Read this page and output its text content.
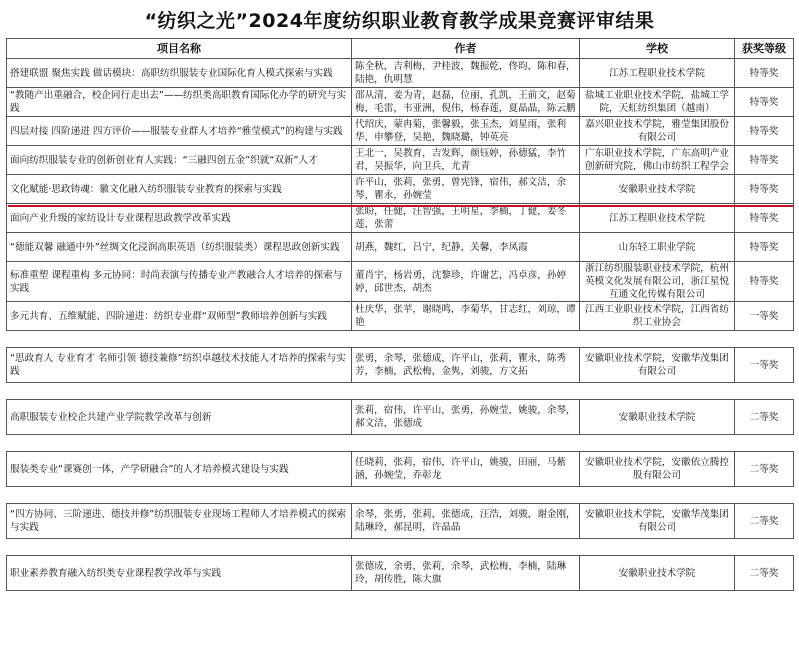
“纺织之光”2024年度纺织职业教育教学成果竞赛评审结果
项目名称	作者	学校	获奖等级
搭建联盟 聚焦实践 做话模块：高职纺织服装专业国际化育人模式探索与实践	陈全秋，吉利梅，尹桂波，魏振乾，佟昀，陈和春，陆艳，仇明慧	江苏工程职业技术学院	特等奖
“教随产出重融合，校企同行走出去”——纺织类高职教育国际化办学的研究与实践	邵从清，姜为青，赵磊，位丽，孔凯，王前文，赵菊梅，毛雷，韦亚洲，倪伟，杨春莲，夏晶晶，陈云鹏	盐城工业职业技术学院，盐城工学院，天虹纺织集团（越南）	特等奖
四层对接 四阶递进 四方评价——服装专业群人才培养“雅莹模式”的构建与实践	代绍庆，蒙冉菊，张馨毅，张玉杰，刘星雨，张利华，申攀登，吴艳，魏晓璐，钟英亮	嘉兴职业技术学院，雅莹集团股份有限公司	特等奖
面向纺织服装专业的创新创业育人实践：“三融四创五金”织就“双新”人才	王北一，吴教育，吉发辉，颜钰婷，孙德猛，李竹君，吴振华，向卫兵，尤青	广东职业技术学院，广东高明产业创新研究院，佛山市纺织工程学会	特等奖
文化赋能·思政铸魂：徽文化融入纺织服装专业教育的探索与实践	许平山，张莉，张勇，曾宪锋，宿伟，郝文洁，余琴，瞿永，孙婉莹	安徽职业技术学院	特等奖
面向产业升级的家纺设计专业课程思政教学改革实践	张盼，任健，汪智强，王明星，李楠，丁健，姜冬莲，张蕾	江苏工程职业技术学院	特等奖
“德能双馨 融通中外”丝绸文化浸润高职英语（纺织服装类）课程思政创新实践	胡燕，魏红，吕宁，纪静，关馨，李凤霞	山东轻工职业学院	特等奖
标准重塑 课程重构 多元协同：时尚表演与传播专业产教融合人才培养的探索与实践	董肖宇，杨岩勇，沈黎珍，许谢艺，冯卓彦，孙婷婷，邱世杰，胡杰	浙江纺织服装职业技术学院，杭州英模文化发展有限公司，浙江星悦互通文化传媒有限公司	特等奖
多元共育、五维赋能、四阶递进：纺织专业群“双师型”教师培养创新与实践	杜庆华，张苹，谢晓鸣，李菊华，甘志红，刘琼，谭艳	江西工业职业技术学院，江西省纺织工业协会	一等奖

“思政育人 专业育才 名师引领 德技兼修”纺织卓越技术技能人才培养的探索与实践	张勇，余琴，张德成，许平山，张莉，瞿永，陈秀芳，李楠，武松梅，金隽，刘骏，方文拓	安徽职业技术学院，安徽华茂集团有限公司	一等奖

高职服装专业校企共建产业学院教学改革与创新	张莉，宿伟，许平山，张勇，孙婉莹，姚骏，余琴，郝文洁，张德成	安徽职业技术学院	二等奖

服装类专业“课赛创一体，产学研融合”的人才培养模式建设与实践	任晓莉，张莉，宿伟，许平山，姚骏，田丽，马紫涵，孙婉莹，乔彰龙	安徽职业技术学院，安徽依立腾控股有限公司	二等奖

“四方协同、三阶递进、德技并修”纺织服装专业现场工程师人才培养模式的探索与实践	余琴，张勇，张莉，张德成，汪浩，刘骏，谢金刚，陆琳玲，郝昆明，许晶晶	安徽职业技术学院，安徽华茂集团有限公司	二等奖

职业素养教育融入纺织类专业课程教学改革与实践	张德成，余勇，张莉，余琴，武松梅，李楠，陆琳玲，胡传胜，陈大旗	安徽职业技术学院	二等奖
